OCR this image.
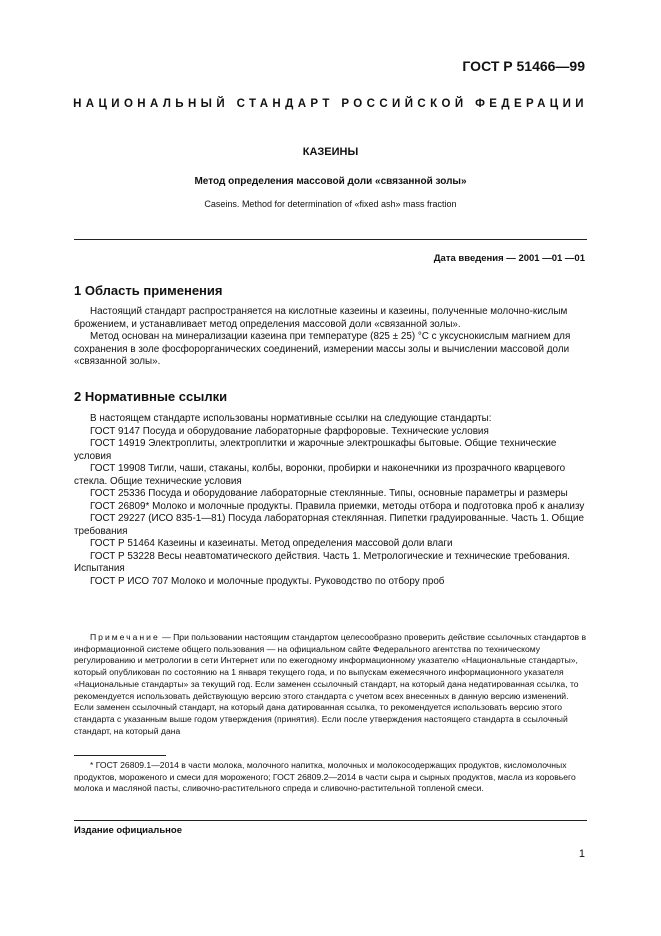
ГОСТ Р 51466—99
НАЦИОНАЛЬНЫЙ СТАНДАРТ РОССИЙСКОЙ ФЕДЕРАЦИИ
КАЗЕИНЫ
Метод определения массовой доли «связанной золы»
Caseins. Method for determination of «fixed ash» mass fraction
Дата введения — 2001 —01 —01
1 Область применения

Настоящий стандарт распространяется на кислотные казеины и казеины, полученные молочно-кислым брожением, и устанавливает метод определения массовой доли «связанной золы».

Метод основан на минерализации казеина при температуре (825 ± 25) °С с уксуснокислым магнием для сохранения в золе фосфорорганических соединений, измерении массы золы и вычислении массовой доли «связанной золы».

2 Нормативные ссылки

В настоящем стандарте использованы нормативные ссылки на следующие стандарты:

ГОСТ 9147 Посуда и оборудование лабораторные фарфоровые. Технические условия

ГОСТ 14919 Электроплиты, электроплитки и жарочные электрошкафы бытовые. Общие технические условия

ГОСТ 19908 Тигли, чаши, стаканы, колбы, воронки, пробирки и наконечники из прозрачного кварцевого стекла. Общие технические условия

ГОСТ 25336 Посуда и оборудование лабораторные стеклянные. Типы, основные параметры и размеры

ГОСТ 26809* Молоко и молочные продукты. Правила приемки, методы отбора и подготовка проб к анализу

ГОСТ 29227 (ИСО 835-1—81) Посуда лабораторная стеклянная. Пипетки градуированные. Часть 1. Общие требования

ГОСТ Р 51464 Казеины и казеинаты. Метод определения массовой доли влаги

ГОСТ Р 53228 Весы неавтоматического действия. Часть 1. Метрологические и технические требования. Испытания

ГОСТ Р ИСО 707 Молоко и молочные продукты. Руководство по отбору проб

Примечание — При пользовании настоящим стандартом целесообразно проверить действие ссылочных стандартов в информационной системе общего пользования — на официальном сайте Федерального агентства по техническому регулированию и метрологии в сети Интернет или по ежегодному информационному указателю «Национальные стандарты», который опубликован по состоянию на 1 января текущего года, и по выпускам ежемесячного информационного указателя «Национальные стандарты» за текущий год. Если заменен ссылочный стандарт, на который дана недатированная ссылка, то рекомендуется использовать действующую версию этого стандарта с учетом всех внесенных в данную версию изменений. Если заменен ссылочный стандарт, на который дана датированная ссылка, то рекомендуется использовать версию этого стандарта с указанным выше годом утверждения (принятия). Если после утверждения настоящего стандарта в ссылочный стандарт, на который дана

* ГОСТ 26809.1—2014 в части молока, молочного напитка, молочных и молокосодержащих продуктов, кисломолочных продуктов, мороженого и смеси для мороженого; ГОСТ 26809.2—2014 в части сыра и сырных продуктов, масла из коровьего молока и масляной пасты, сливочно-растительного спреда и сливочно-растительной топленой смеси.

Издание официальное
1
